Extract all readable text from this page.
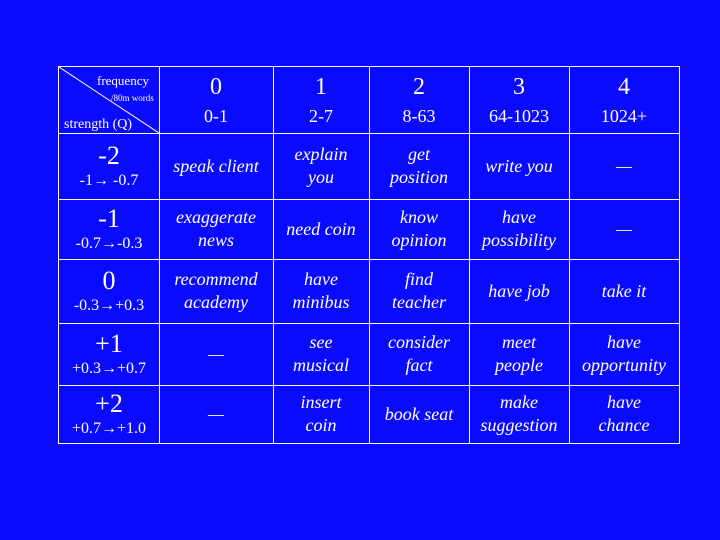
frequency
/80m words
strength (Q)
0
0-1
1
2-7
2
8-63
3
64-1023
4
1024+
-2
-1→ -0.7
speak client
explain
you
get
position
write you	—
-1
-0.7→-0.3
exaggerate
news
need coin
know
opinion
have
possibility
—
0
-0.3→+0.3
recommend
academy
have
minibus
find
teacher
have job	take it
+1
+0.3→+0.7
—
see
musical
consider
fact
meet
people
have
opportunity
+2
+0.7→+1.0
—
insert
coin
book seat
make
suggestion
have
chance
